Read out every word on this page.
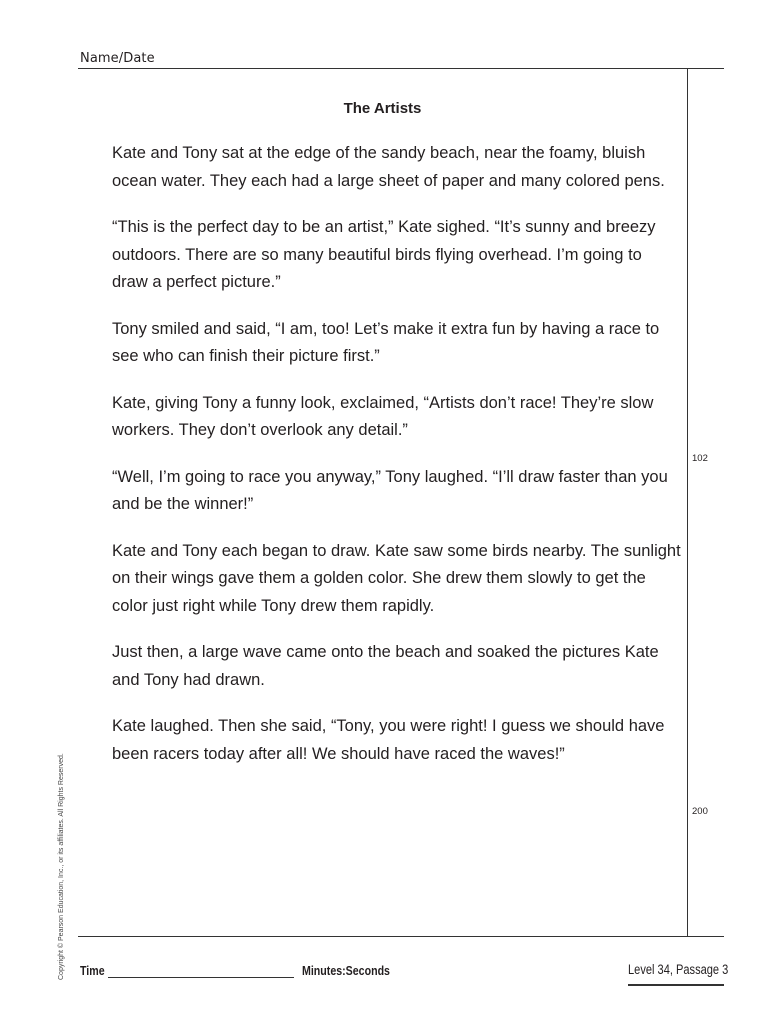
Name/Date
The Artists

Kate and Tony sat at the edge of the sandy beach, near the foamy, bluish ocean water. They each had a large sheet of paper and many colored pens.

“This is the perfect day to be an artist,” Kate sighed. “It’s sunny and breezy outdoors. There are so many beautiful birds flying overhead. I’m going to draw a perfect picture.”

Tony smiled and said, “I am, too! Let’s make it extra fun by having a race to see who can finish their picture first.”

Kate, giving Tony a funny look, exclaimed, “Artists don’t race! They’re slow workers. They don’t overlook any detail.”

“Well, I’m going to race you anyway,” Tony laughed. “I’ll draw faster than you and be the winner!”

Kate and Tony each began to draw. Kate saw some birds nearby. The sunlight on their wings gave them a golden color. She drew them slowly to get the color just right while Tony drew them rapidly.

Just then, a large wave came onto the beach and soaked the pictures Kate and Tony had drawn.

Kate laughed. Then she said, “Tony, you were right! I guess we should have been racers today after all! We should have raced the waves!”

102
200
Copyright © Pearson Education, Inc., or its affiliates. All Rights Reserved. Time	Minutes:Seconds	Level 34, Passage 3
